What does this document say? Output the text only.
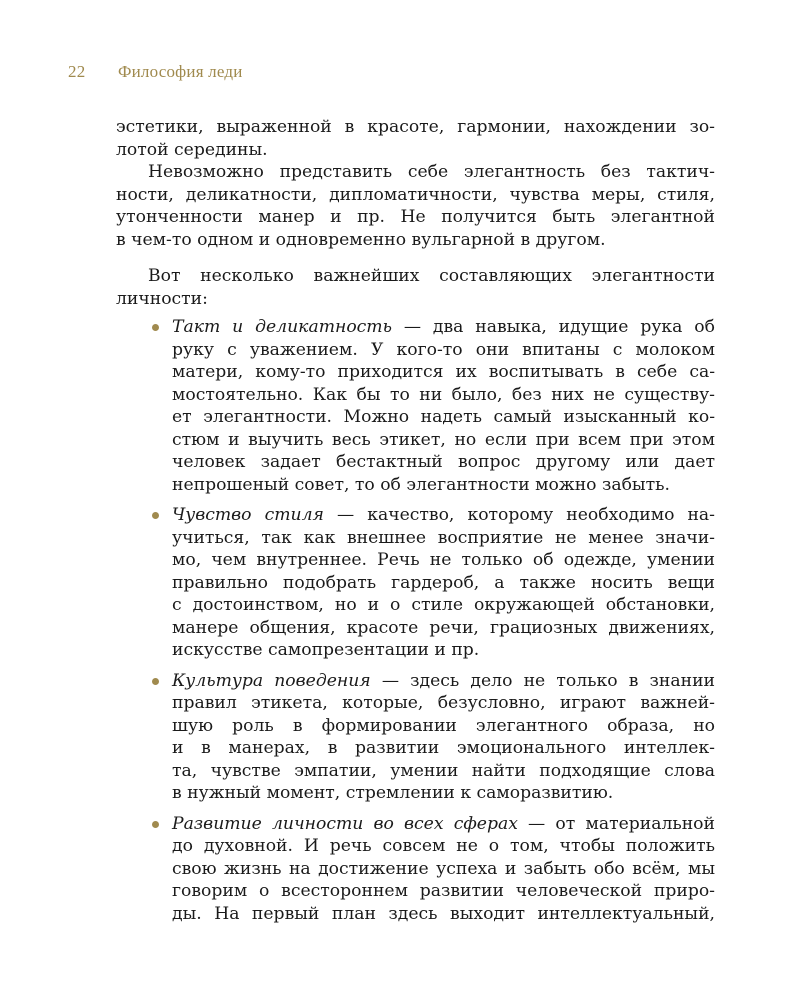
22 Философия леди
эстетики, выраженной в красоте, гармонии, нахождении зо-
лотой середины.
Невозможно представить себе элегантность без тактич-
ности, деликатности, дипломатичности, чувства меры, стиля,
утонченности манер и пр. Не получится быть элегантной
в чем-то одном и одновременно вульгарной в другом.
Вот несколько важнейших составляющих элегантности
личности:
Такт и деликатность — два навыка, идущие рука об
руку с уважением. У кого-то они впитаны с молоком
матери, кому-то приходится их воспитывать в себе са-
мостоятельно. Как бы то ни было, без них не существу-
ет элегантности. Можно надеть самый изысканный ко-
стюм и выучить весь этикет, но если при всем при этом
человек задает бестактный вопрос другому или дает
непрошеный совет, то об элегантности можно забыть.
Чувство стиля — качество, которому необходимо на-
учиться, так как внешнее восприятие не менее значи-
мо, чем внутреннее. Речь не только об одежде, умении
правильно подобрать гардероб, а также носить вещи
с достоинством, но и о стиле окружающей обстановки,
манере общения, красоте речи, грациозных движениях,
искусстве самопрезентации и пр.
Культура поведения — здесь дело не только в знании
правил этикета, которые, безусловно, играют важней-
шую роль в формировании элегантного образа, но
и в манерах, в развитии эмоционального интеллек-
та, чувстве эмпатии, умении найти подходящие слова
в нужный момент, стремлении к саморазвитию.
Развитие личности во всех сферах — от материальной
до духовной. И речь совсем не о том, чтобы положить
свою жизнь на достижение успеха и забыть обо всём, мы
говорим о всестороннем развитии человеческой приро-
ды. На первый план здесь выходит интеллектуальный,
